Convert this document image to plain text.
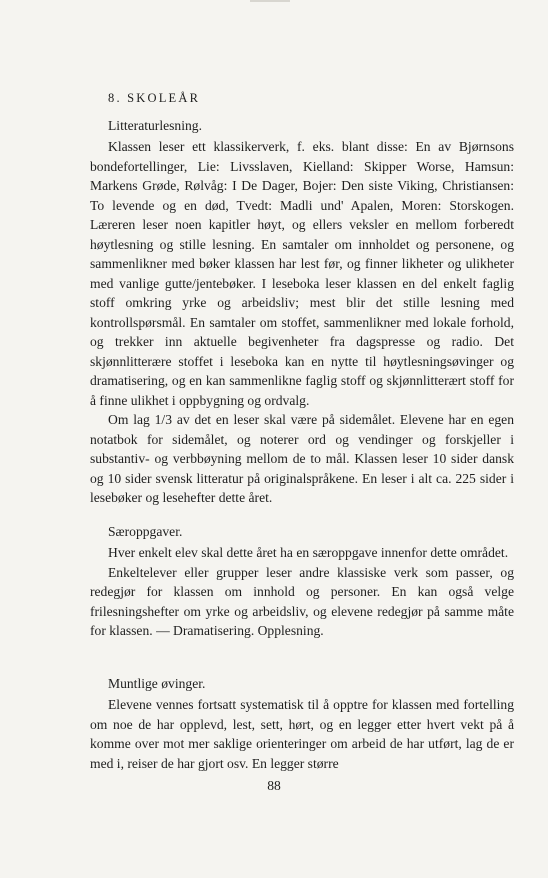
8. SKOLEÅR
Litteraturlesning.

Klassen leser ett klassikerverk, f. eks. blant disse: En av Bjørnsons bondefortellinger, Lie: Livsslaven, Kielland: Skipper Worse, Hamsun: Markens Grøde, Rølvåg: I De Dager, Bojer: Den siste Viking, Christiansen: To levende og en død, Tvedt: Madli und' Apalen, Moren: Storskogen. Læreren leser noen kapitler høyt, og ellers veksler en mellom forberedt høytlesning og stille lesning. En samtaler om innholdet og personene, og sammenlikner med bøker klassen har lest før, og finner likheter og ulikheter med vanlige gutte/jentebøker. I leseboka leser klassen en del enkelt faglig stoff omkring yrke og arbeidsliv; mest blir det stille lesning med kontrollspørsmål. En samtaler om stoffet, sammenlikner med lokale forhold, og trekker inn aktuelle begivenheter fra dagspresse og radio. Det skjønnlitterære stoffet i leseboka kan en nytte til høytlesningsøvinger og dramatisering, og en kan sammenlikne faglig stoff og skjønnlitterært stoff for å finne ulikhet i oppbygning og ordvalg.

Om lag 1/3 av det en leser skal være på sidemålet. Elevene har en egen notatbok for sidemålet, og noterer ord og vendinger og forskjeller i substantiv- og verbbøyning mellom de to mål. Klassen leser 10 sider dansk og 10 sider svensk litteratur på originalspråkene. En leser i alt ca. 225 sider i lesebøker og lesehefter dette året.

Særoppgaver.

Hver enkelt elev skal dette året ha en særoppgave innenfor dette området.

Enkeltelever eller grupper leser andre klassiske verk som passer, og redegjør for klassen om innhold og personer. En kan også velge frilesningshefter om yrke og arbeidsliv, og elevene redegjør på samme måte for klassen. — Dramatisering. Opplesning.

Muntlige øvinger.

Elevene vennes fortsatt systematisk til å opptre for klassen med fortelling om noe de har opplevd, lest, sett, hørt, og en legger etter hvert vekt på å komme over mot mer saklige orienteringer om arbeid de har utført, lag de er med i, reiser de har gjort osv. En legger større

88
